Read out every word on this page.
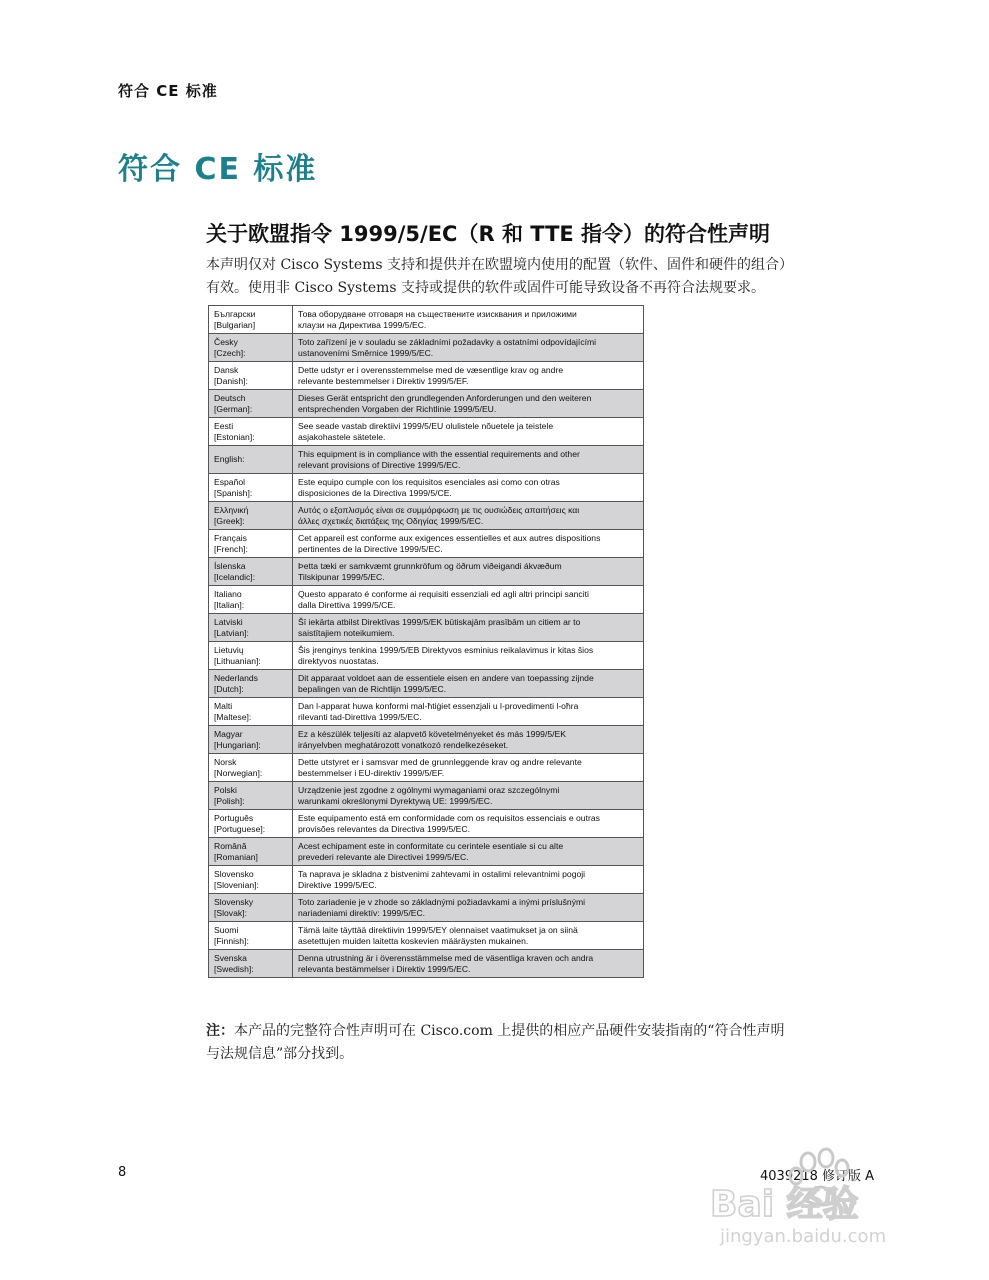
符合 CE 标准
符合 CE 标准
关于欧盟指令 1999/5/EC（R 和 TTE 指令）的符合性声明
本声明仅对 Cisco Systems 支持和提供并在欧盟境内使用的配置（软件、固件和硬件的组合）
有效。使用非 Cisco Systems 支持或提供的软件或固件可能导致设备不再符合法规要求。
Български
[Bulgarian]	Това оборудване отговаря на съществените изисквания и приложими
клаузи на Директива 1999/5/ЕС.

Česky
[Czech]:	Toto zařízení je v souladu se základními požadavky a ostatními odpovídajícími
ustanoveními Směrnice 1999/5/EC.

Dansk
[Danish]:	Dette udstyr er i overensstemmelse med de væsentlige krav og andre
relevante bestemmelser i Direktiv 1999/5/EF.

Deutsch
[German]:	Dieses Gerät entspricht den grundlegenden Anforderungen und den weiteren
entsprechenden Vorgaben der Richtlinie 1999/5/EU.

Eesti
[Estonian]:	See seade vastab direktiivi 1999/5/EU olulistele nõuetele ja teistele
asjakohastele sätetele.

English:	This equipment is in compliance with the essential requirements and other
relevant provisions of Directive 1999/5/EC.

Español
[Spanish]:	Este equipo cumple con los requisitos esenciales asi como con otras
disposiciones de la Directiva 1999/5/CE.

Ελληνική
[Greek]:	Αυτός ο εξοπλισμός είναι σε συμμόρφωση με τις ουσιώδεις απαιτήσεις και
άλλες σχετικές διατάξεις της Οδηγίας 1999/5/EC.

Français
[French]:	Cet appareil est conforme aux exigences essentielles et aux autres dispositions
pertinentes de la Directive 1999/5/EC.

Íslenska
[Icelandic]:	Þetta tæki er samkvæmt grunnkröfum og öðrum viðeigandi ákvæðum
Tilskipunar 1999/5/EC.

Italiano
[Italian]:	Questo apparato é conforme ai requisiti essenziali ed agli altri principi sanciti
dalla Direttiva 1999/5/CE.

Latviski
[Latvian]:	Šī iekārta atbilst Direktīvas 1999/5/EK būtiskajām prasībām un citiem ar to
saistītajiem noteikumiem.

Lietuvių
[Lithuanian]:	Šis įrenginys tenkina 1999/5/EB Direktyvos esminius reikalavimus ir kitas šios
direktyvos nuostatas.

Nederlands
[Dutch]:	Dit apparaat voldoet aan de essentiele eisen en andere van toepassing zijnde
bepalingen van de Richtlijn 1999/5/EC.

Malti
[Maltese]:	Dan l-apparat huwa konformi mal-ħtiġiet essenzjali u l-provedimenti l-oħra
rilevanti tad-Direttiva 1999/5/EC.

Magyar
[Hungarian]:	Ez a készülék teljesíti az alapvető követelményeket és más 1999/5/EK
irányelvben meghatározott vonatkozó rendelkezéseket.

Norsk
[Norwegian]:	Dette utstyret er i samsvar med de grunnleggende krav og andre relevante
bestemmelser i EU-direktiv 1999/5/EF.

Polski
[Polish]:	Urządzenie jest zgodne z ogólnymi wymaganiami oraz szczególnymi
warunkami określonymi Dyrektywą UE: 1999/5/EC.

Português
[Portuguese]:	Este equipamento está em conformidade com os requisitos essenciais e outras
provisões relevantes da Directiva 1999/5/EC.

Română
[Romanian]	Acest echipament este in conformitate cu cerintele esentiale si cu alte
prevederi relevante ale Directivei 1999/5/EC.

Slovensko
[Slovenian]:	Ta naprava je skladna z bistvenimi zahtevami in ostalimi relevantnimi pogoji
Direktive 1999/5/EC.

Slovensky
[Slovak]:	Toto zariadenie je v zhode so základnými požiadavkami a inými príslušnými
nariadeniami direktív: 1999/5/EC.

Suomi
[Finnish]:	Tämä laite täyttää direktiivin 1999/5/EY olennaiset vaatimukset ja on siinä
asetettujen muiden laitetta koskevien määräysten mukainen.

Svenska
[Swedish]:	Denna utrustning är i överensstämmelse med de väsentliga kraven och andra
relevanta bestämmelser i Direktiv 1999/5/EC.
注：本产品的完整符合性声明可在 Cisco.com 上提供的相应产品硬件安装指南的“符合性声明
与法规信息”部分找到。
8	4039218 修订版 A
Bai 经验
jingyan.baidu.com
